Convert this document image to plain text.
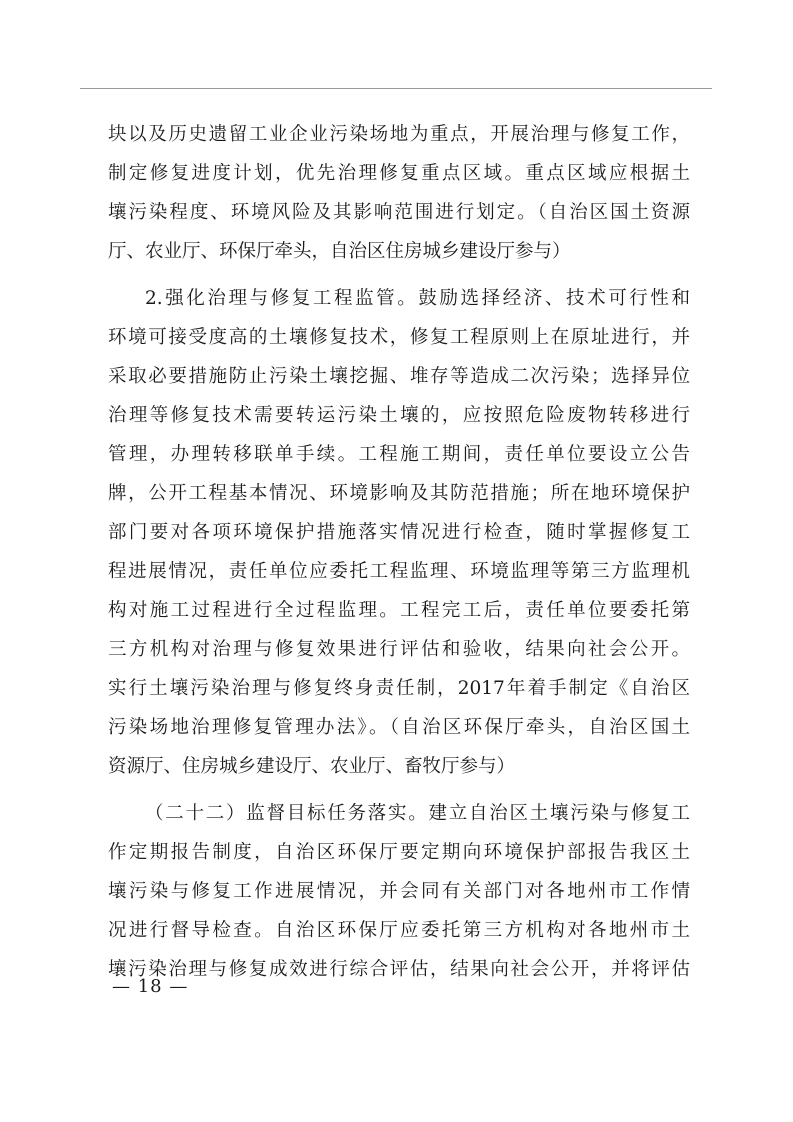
块以及历史遗留工业企业污染场地为重点，开展治理与修复工作，
制定修复进度计划，优先治理修复重点区域。重点区域应根据土
壤污染程度、环境风险及其影响范围进行划定。（自治区国土资源
厅、农业厅、环保厅牵头，自治区住房城乡建设厅参与）
2.强化治理与修复工程监管。鼓励选择经济、技术可行性和
环境可接受度高的土壤修复技术，修复工程原则上在原址进行，并
采取必要措施防止污染土壤挖掘、堆存等造成二次污染；选择异位
治理等修复技术需要转运污染土壤的，应按照危险废物转移进行
管理，办理转移联单手续。工程施工期间，责任单位要设立公告
牌，公开工程基本情况、环境影响及其防范措施；所在地环境保护
部门要对各项环境保护措施落实情况进行检查，随时掌握修复工
程进展情况，责任单位应委托工程监理、环境监理等第三方监理机
构对施工过程进行全过程监理。工程完工后，责任单位要委托第
三方机构对治理与修复效果进行评估和验收，结果向社会公开。
实行土壤污染治理与修复终身责任制，2017年着手制定《自治区
污染场地治理修复管理办法》。（自治区环保厅牵头，自治区国土
资源厅、住房城乡建设厅、农业厅、畜牧厅参与）
（二十二）监督目标任务落实。建立自治区土壤污染与修复工
作定期报告制度，自治区环保厅要定期向环境保护部报告我区土
壤污染与修复工作进展情况，并会同有关部门对各地州市工作情
况进行督导检查。自治区环保厅应委托第三方机构对各地州市土
壤污染治理与修复成效进行综合评估，结果向社会公开，并将评估
— 18 —
